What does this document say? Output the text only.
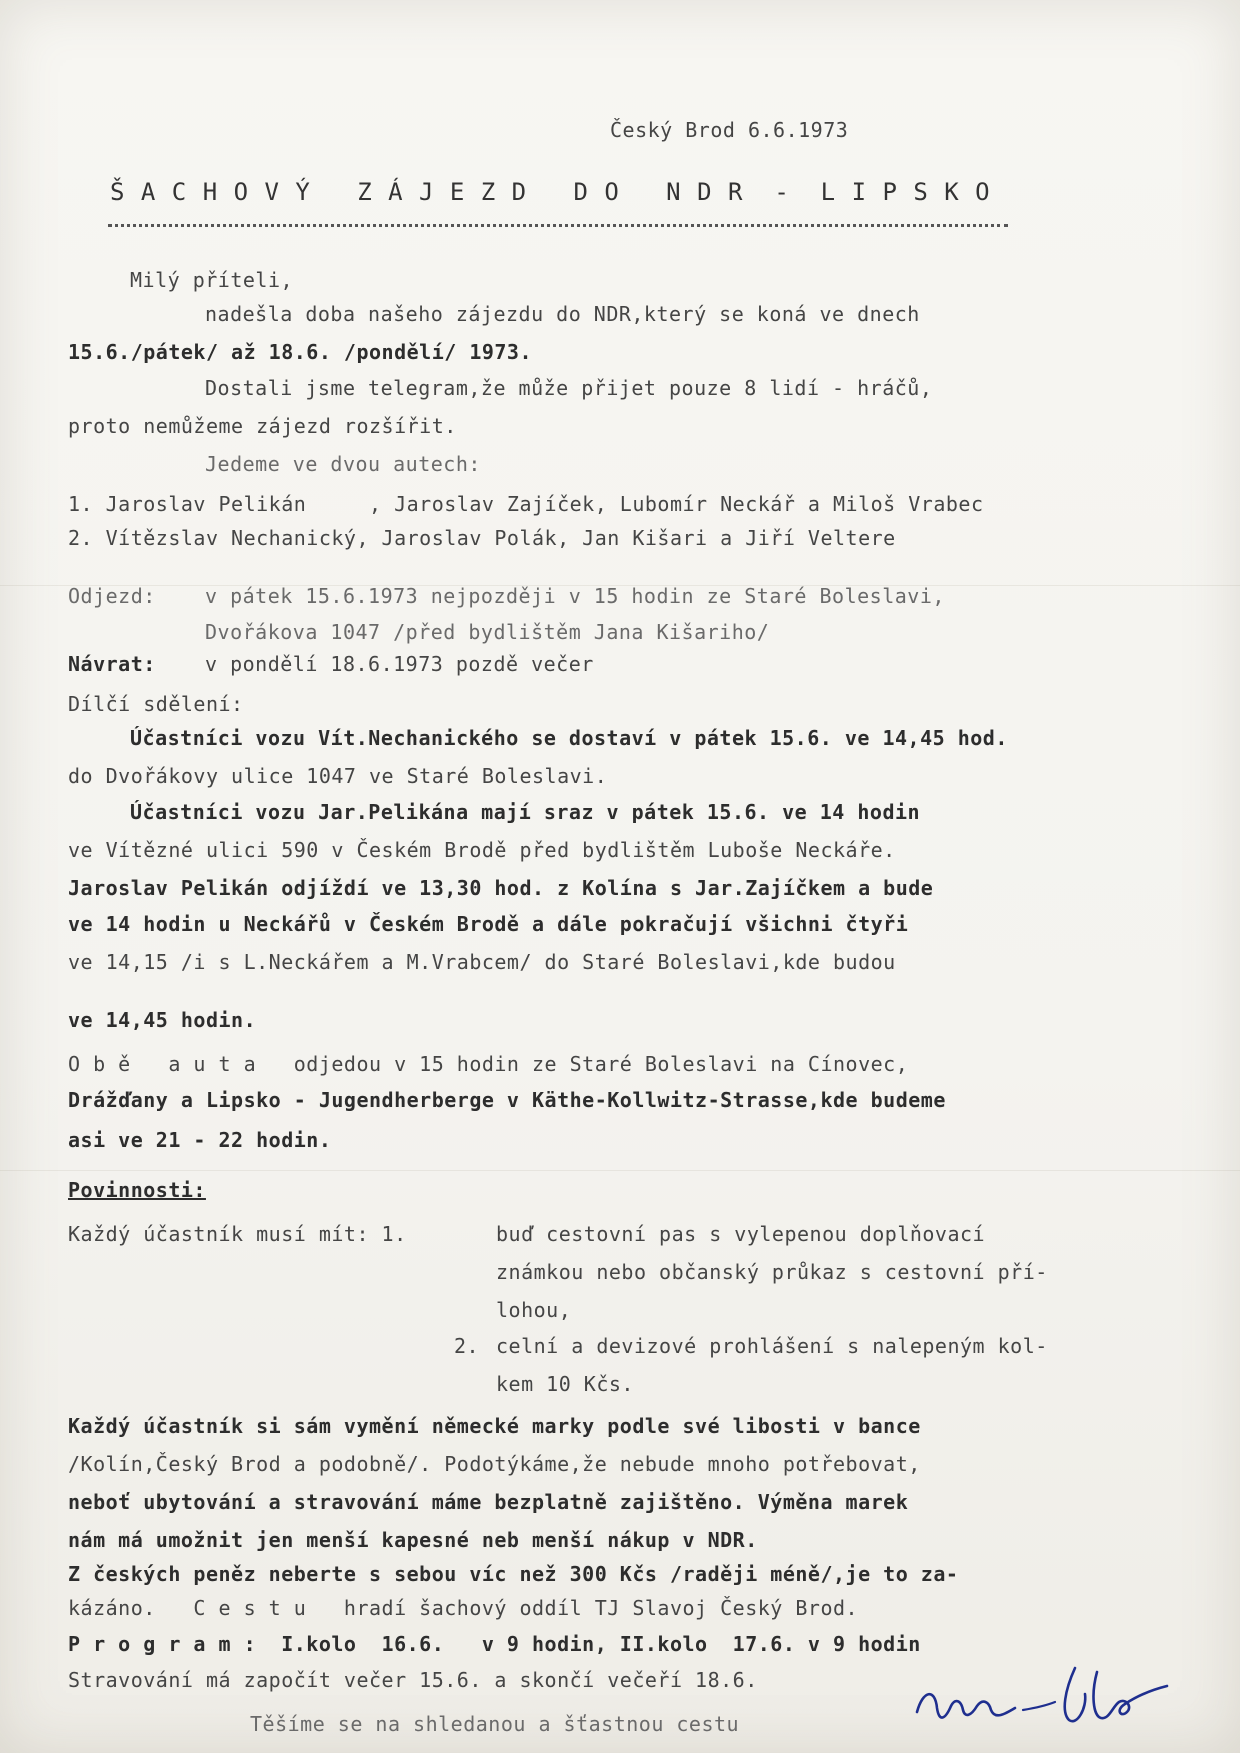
Český Brod 6.6.1973
Š A C H O V Ý   Z Á J E Z D   D O   N D R  -  L I P S K O
Milý příteli,
nadešla doba našeho zájezdu do NDR,který se koná ve dnech
15.6./pátek/ až 18.6. /pondělí/ 1973.
Dostali jsme telegram,že může přijet pouze 8 lidí - hráčů,
proto nemůžeme zájezd rozšířit.
Jedeme ve dvou autech:
1. Jaroslav Pelikán     , Jaroslav Zajíček, Lubomír Neckář a Miloš Vrabec
2. Vítězslav Nechanický, Jaroslav Polák, Jan Kišari a Jiří Veltere
Odjezd: v pátek 15.6.1973 nejpozději v 15 hodin ze Staré Boleslavi,
Dvořákova 1047 /před bydlištěm Jana Kišariho/
Návrat: v pondělí 18.6.1973 pozdě večer
Dílčí sdělení:
Účastníci vozu Vít.Nechanického se dostaví v pátek 15.6. ve 14,45 hod.
do Dvořákovy ulice 1047 ve Staré Boleslavi.
Účastníci vozu Jar.Pelikána mají sraz v pátek 15.6. ve 14 hodin
ve Vítězné ulici 590 v Českém Brodě před bydlištěm Luboše Neckáře.
Jaroslav Pelikán odjíždí ve 13,30 hod. z Kolína s Jar.Zajíčkem a bude
ve 14 hodin u Neckářů v Českém Brodě a dále pokračují všichni čtyři
ve 14,15 /i s L.Neckářem a M.Vrabcem/ do Staré Boleslavi,kde budou
ve 14,45 hodin.
O b ě   a u t a   odjedou v 15 hodin ze Staré Boleslavi na Cínovec,
Drážďany a Lipsko - Jugendherberge v Käthe-Kollwitz-Strasse,kde budeme
asi ve 21 - 22 hodin.
Povinnosti:
Každý účastník musí mít: 1.	buď cestovní pas s vylepenou doplňovací
známkou nebo občanský průkaz s cestovní pří-
lohou,
2. celní a devizové prohlášení s nalepeným kol-
kem 10 Kčs.
Každý účastník si sám vymění německé marky podle své libosti v bance
/Kolín,Český Brod a podobně/. Podotýkáme,že nebude mnoho potřebovat,
neboť ubytování a stravování máme bezplatně zajištěno. Výměna marek
nám má umožnit jen menší kapesné neb menší nákup v NDR.
Z českých peněz neberte s sebou víc než 300 Kčs /raději méně/,je to za-
kázáno.   C e s t u   hradí šachový oddíl TJ Slavoj Český Brod.
P r o g r a m :  I.kolo  16.6.   v 9 hodin, II.kolo  17.6. v 9 hodin
Stravování má započít večer 15.6. a skončí večeří 18.6.
Těšíme se na shledanou a šťastnou cestu
